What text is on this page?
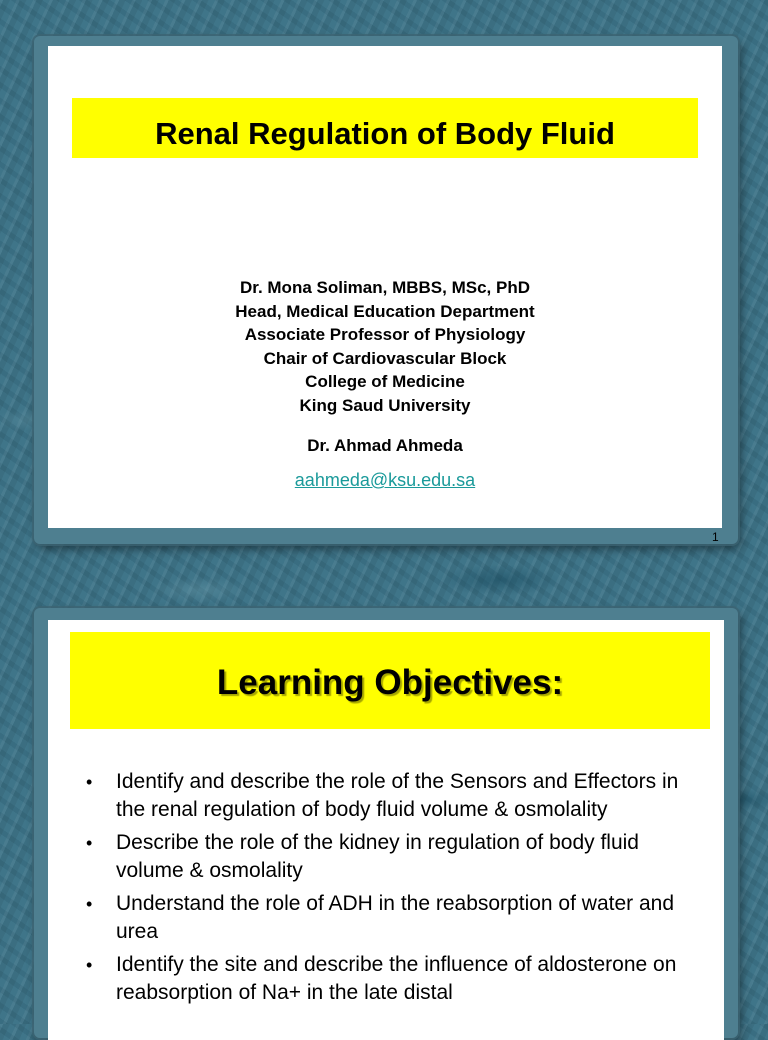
Renal Regulation of Body Fluid
Dr. Mona Soliman, MBBS, MSc, PhD
Head, Medical Education Department
Associate Professor of Physiology
Chair of Cardiovascular Block
College of Medicine
King Saud University
Dr. Ahmad Ahmeda
aahmeda@ksu.edu.sa
1
Learning Objectives:
• Identify and describe the role of the Sensors and Effectors in the renal regulation of body fluid volume & osmolality
• Describe the role of the kidney in regulation of body fluid volume & osmolality
• Understand the role of ADH in the reabsorption of water and urea
• Identify the site and describe the influence of aldosterone on reabsorption of Na+ in the late distal
